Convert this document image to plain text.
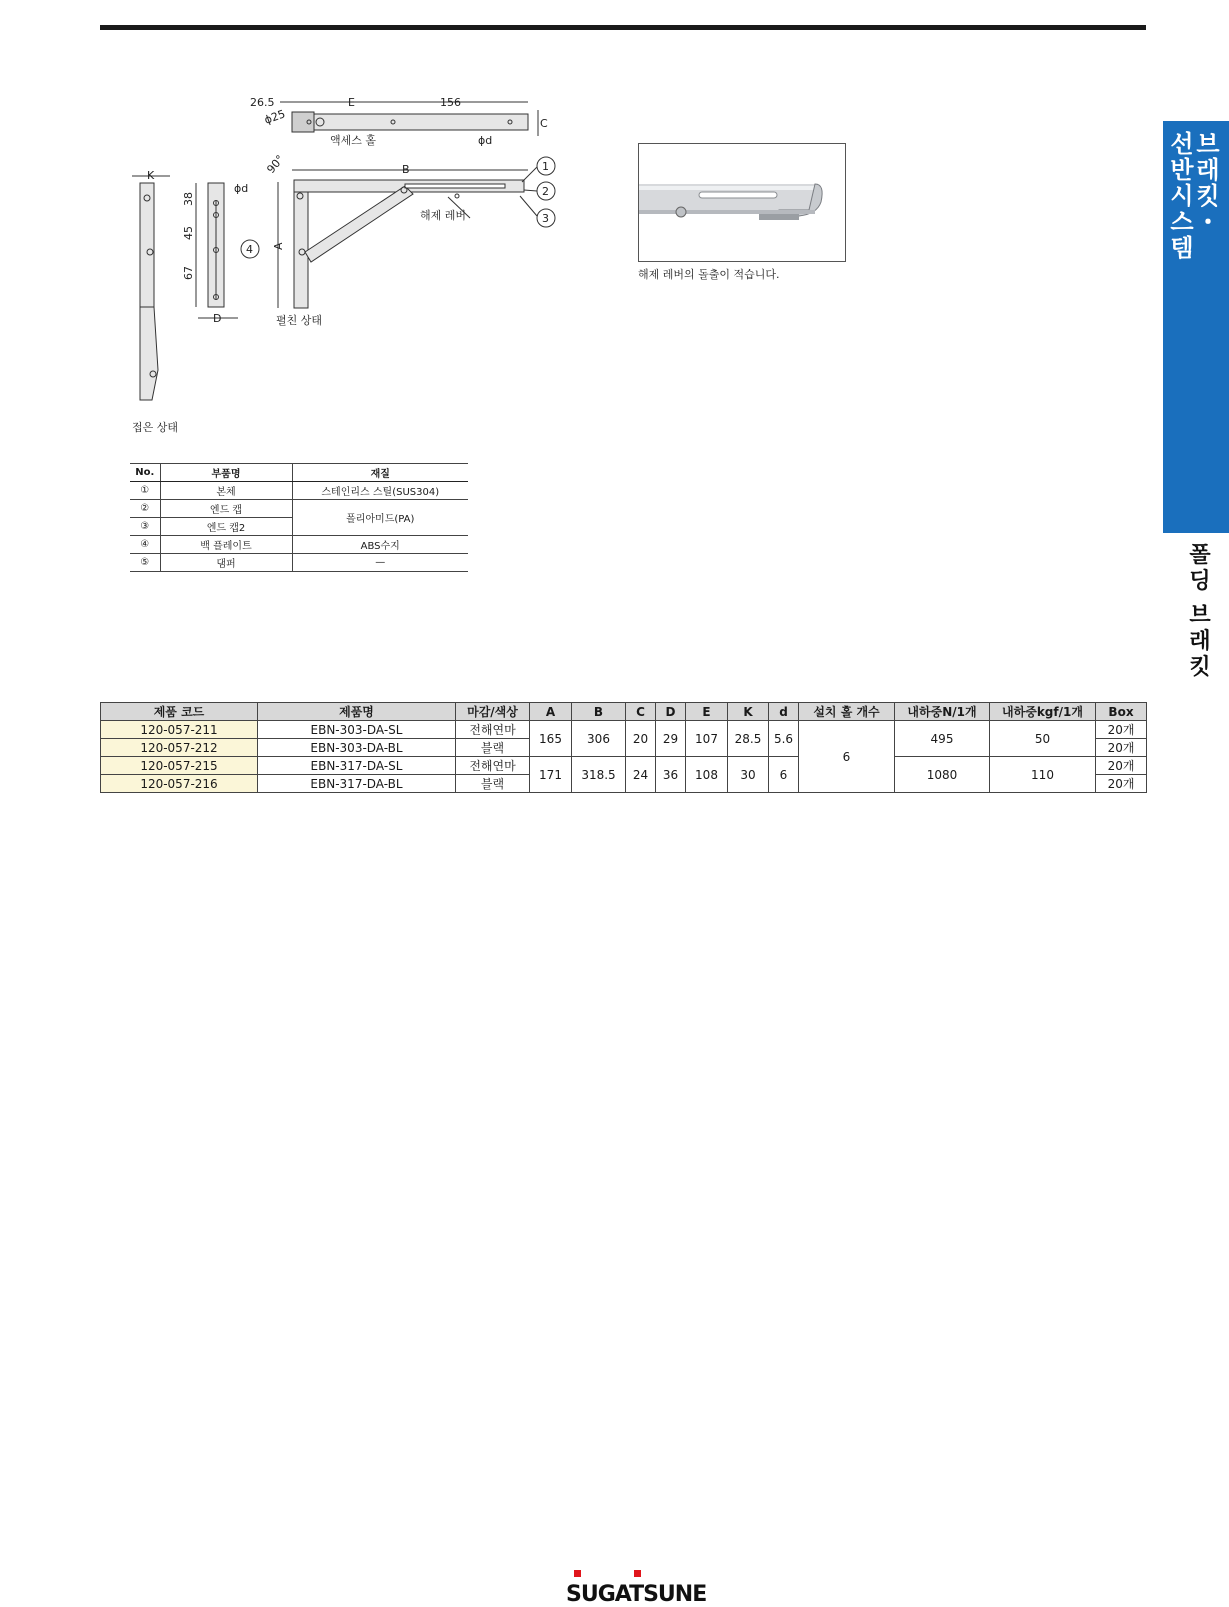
선
반
시
스
템
브
래
킷
・
폴
딩
브
래
킷
26.5	E	156
ϕ25	C
액세스 홀	ϕd
K
38
45
67
ϕd
D
4
90°	B
A
1
2
3
해제 레버
펼친 상태
접은 상태
해제 레버의 돌출이 적습니다.
No.	부품명	재질
①	본체	스테인리스 스틸(SUS304)
②	엔드 캡	폴리아미드(PA)
③	엔드 캡2	
④	백 플레이트	ABS수지
⑤	댐퍼	—
제품 코드	제품명	마감/색상	A	B	C	D	E	K	d	설치 홀 개수	내하중N/1개	내하중kgf/1개	Box
120-057-211	EBN-303-DA-SL	전해연마	165	306	20	29	107	28.5	5.6	6	495	50	20개
120-057-212	EBN-303-DA-BL	블랙											20개
120-057-215	EBN-317-DA-SL	전해연마	171	318.5	24	36	108	30	6		1080	110	20개
120-057-216	EBN-317-DA-BL	블랙											20개
SUGATSUNE
